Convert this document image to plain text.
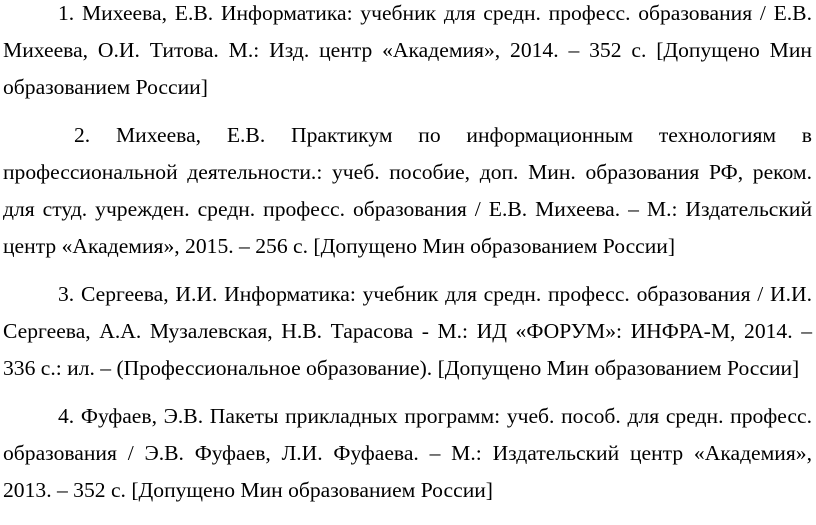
1. Михеева, Е.В. Информатика: учебник для средн. професс. образования / Е.В. Михеева, О.И. Титова. М.: Изд. центр «Академия», 2014. – 352 с. [Допущено Мин образованием России]

2. Михеева, Е.В. Практикум по информационным технологиям в профессиональной деятельности.: учеб. пособие, доп. Мин. образования РФ, реком. для студ. учрежден. средн. професс. образования / Е.В. Михеева. – М.: Издательский центр «Академия», 2015. – 256 с. [Допущено Мин образованием России]

3. Сергеева, И.И. Информатика: учебник для средн. професс. образования / И.И. Сергеева, А.А. Музалевская, Н.В. Тарасова - М.: ИД «ФОРУМ»: ИНФРА-М, 2014. – 336 с.: ил. – (Профессиональное образование). [Допущено Мин образованием России]

4. Фуфаев, Э.В. Пакеты прикладных программ: учеб. пособ. для средн. професс. образования / Э.В. Фуфаев, Л.И. Фуфаева. – М.: Издательский центр «Академия», 2013. – 352 с. [Допущено Мин образованием России]
